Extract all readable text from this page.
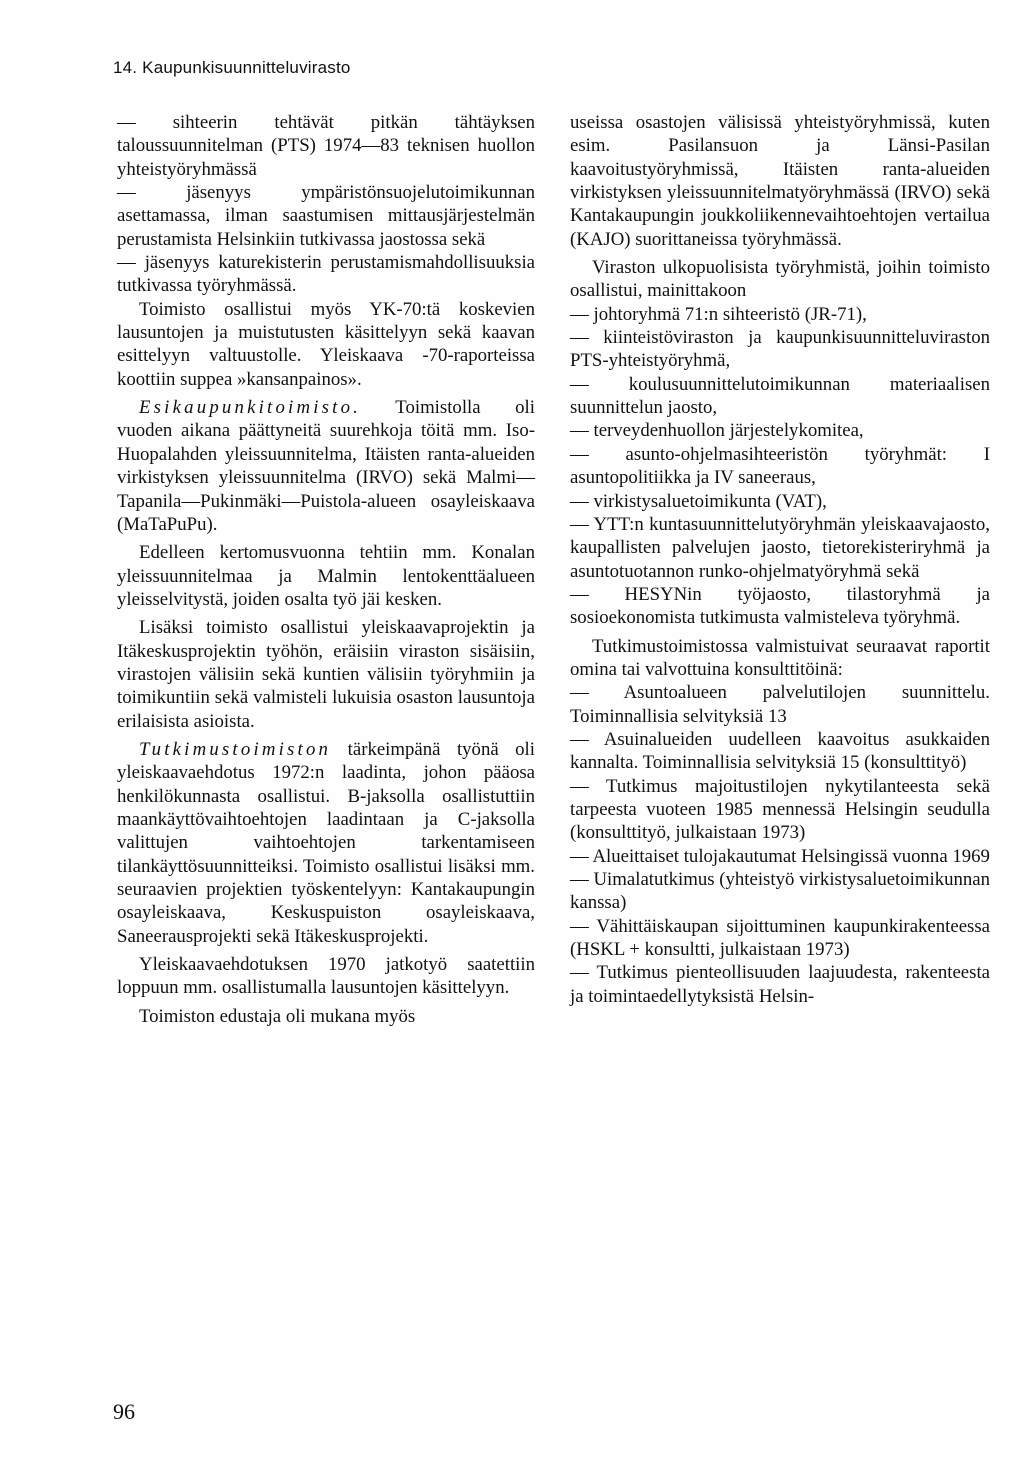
14. Kaupunkisuunnitteluvirasto

— sihteerin tehtävät pitkän tähtäyksen taloussuunnitelman (PTS) 1974—83 teknisen huollon yhteistyöryhmässä

— jäsenyys ympäristönsuojelutoimikunnan asettamassa, ilman saastumisen mittausjärjestelmän perustamista Helsinkiin tutkivassa jaostossa sekä

— jäsenyys katurekisterin perustamismahdollisuuksia tutkivassa työryhmässä.

Toimisto osallistui myös YK-70:tä koskevien lausuntojen ja muistutusten käsittelyyn sekä kaavan esittelyyn valtuustolle. Yleiskaava -70-raporteissa koottiin suppea »kansanpainos».

Esikaupunkitoimisto. Toimistolla oli vuoden aikana päättyneitä suurehkoja töitä mm. Iso-Huopalahden yleissuunnitelma, Itäisten ranta-alueiden virkistyksen yleissuunnitelma (IRVO) sekä Malmi—Tapanila—Pukinmäki—Puistola-alueen osayleiskaava (MaTaPuPu).

Edelleen kertomusvuonna tehtiin mm. Konalan yleissuunnitelmaa ja Malmin lentokenttäalueen yleisselvitystä, joiden osalta työ jäi kesken.

Lisäksi toimisto osallistui yleiskaavaprojektin ja Itäkeskusprojektin työhön, eräisiin viraston sisäisiin, virastojen välisiin sekä kuntien välisiin työryhmiin ja toimikuntiin sekä valmisteli lukuisia osaston lausuntoja erilaisista asioista.

Tutkimustoimiston tärkeimpänä työnä oli yleiskaavaehdotus 1972:n laadinta, johon pääosa henkilökunnasta osallistui. B-jaksolla osallistuttiin maankäyttövaihtoehtojen laadintaan ja C-jaksolla valittujen vaihtoehtojen tarkentamiseen tilankäyttösuunnitteiksi. Toimisto osallistui lisäksi mm. seuraavien projektien työskentelyyn: Kantakaupungin osayleiskaava, Keskuspuiston osayleiskaava, Saneerausprojekti sekä Itäkeskusprojekti.

Yleiskaavaehdotuksen 1970 jatkotyö saatettiin loppuun mm. osallistumalla lausuntojen käsittelyyn.

Toimiston edustaja oli mukana myös

useissa osastojen välisissä yhteistyöryhmissä, kuten esim. Pasilansuon ja Länsi-Pasilan kaavoitustyöryhmissä, Itäisten ranta-alueiden virkistyksen yleissuunnitelmatyöryhmässä (IRVO) sekä Kantakaupungin joukkoliikennevaihtoehtojen vertailua (KAJO) suorittaneissa työryhmässä.

Viraston ulkopuolisista työryhmistä, joihin toimisto osallistui, mainittakoon

— johtoryhmä 71:n sihteeristö (JR-71),

— kiinteistöviraston ja kaupunkisuunnitteluviraston PTS-yhteistyöryhmä,

— koulusuunnittelutoimikunnan materiaalisen suunnittelun jaosto,

— terveydenhuollon järjestelykomitea,

— asunto-ohjelmasihteeristön työryhmät: I asuntopolitiikka ja IV saneeraus,

— virkistysaluetoimikunta (VAT),

— YTT:n kuntasuunnittelutyöryhmän yleiskaavajaosto, kaupallisten palvelujen jaosto, tietorekisteriryhmä ja asuntotuotannon runko-ohjelmatyöryhmä sekä

— HESYNin työjaosto, tilastoryhmä ja sosioekonomista tutkimusta valmisteleva työryhmä.

Tutkimustoimistossa valmistuivat seuraavat raportit omina tai valvottuina konsulttitöinä:

— Asuntoalueen palvelutilojen suunnittelu. Toiminnallisia selvityksiä 13

— Asuinalueiden uudelleen kaavoitus asukkaiden kannalta. Toiminnallisia selvityksiä 15 (konsulttityö)

— Tutkimus majoitustilojen nykytilanteesta sekä tarpeesta vuoteen 1985 mennessä Helsingin seudulla (konsulttityö, julkaistaan 1973)

— Alueittaiset tulojakautumat Helsingissä vuonna 1969

— Uimalatutkimus (yhteistyö virkistysaluetoimikunnan kanssa)

— Vähittäiskaupan sijoittuminen kaupunkirakenteessa (HSKL + konsultti, julkaistaan 1973)

— Tutkimus pienteollisuuden laajuudesta, rakenteesta ja toimintaedellytyksistä Helsin-

96
